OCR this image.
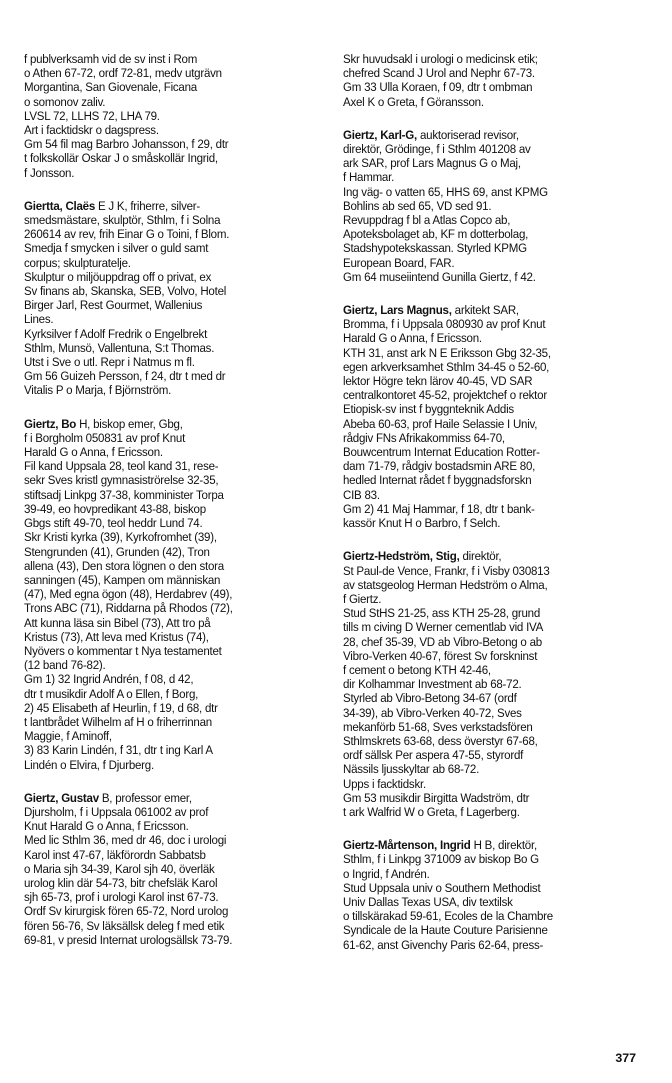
f publverksamh vid de sv inst i Rom
o Athen 67-72, ordf 72-81, medv utgrävn
Morgantina, San Giovenale, Ficana
o somonov zaliv.
LVSL 72, LLHS 72, LHA 79.
Art i facktidskr o dagspress.
Gm 54 fil mag Barbro Johansson, f 29, dtr
t folkskollär Oskar J o småskollär Ingrid,
f Jonsson.
Giertta, Claës E J K, friherre, silver-
smedsmästare, skulptör, Sthlm, f i Solna
260614 av rev, frih Einar G o Toini, f Blom.
Smedja f smycken i silver o guld samt
corpus; skulpturatelje.
Skulptur o miljöuppdrag off o privat, ex
Sv finans ab, Skanska, SEB, Volvo, Hotel
Birger Jarl, Rest Gourmet, Wallenius
Lines.
Kyrksilver f Adolf Fredrik o Engelbrekt
Sthlm, Munsö, Vallentuna, S:t Thomas.
Utst i Sve o utl. Repr i Natmus m fl.
Gm 56 Guizeh Persson, f 24, dtr t med dr
Vitalis P o Marja, f Björnström.
Giertz, Bo H, biskop emer, Gbg,
f i Borgholm 050831 av prof Knut
Harald G o Anna, f Ericsson.
Fil kand Uppsala 28, teol kand 31, rese-
sekr Sves kristl gymnasiströrelse 32-35,
stiftsadj Linkpg 37-38, komminister Torpa
39-49, eo hovpredikant 43-88, biskop
Gbgs stift 49-70, teol heddr Lund 74.
Skr Kristi kyrka (39), Kyrkofromhet (39),
Stengrunden (41), Grunden (42), Tron
allena (43), Den stora lögnen o den stora
sanningen (45), Kampen om människan
(47), Med egna ögon (48), Herdabrev (49),
Trons ABC (71), Riddarna på Rhodos (72),
Att kunna läsa sin Bibel (73), Att tro på
Kristus (73), Att leva med Kristus (74),
Nyövers o kommentar t Nya testamentet
(12 band 76-82).
Gm 1) 32 Ingrid Andrén, f 08, d 42,
dtr t musikdir Adolf A o Ellen, f Borg,
2) 45 Elisabeth af Heurlin, f 19, d 68, dtr
t lantbrådet Wilhelm af H o friherrinnan
Maggie, f Aminoff,
3) 83 Karin Lindén, f 31, dtr t ing Karl A
Lindén o Elvira, f Djurberg.
Giertz, Gustav B, professor emer,
Djursholm, f i Uppsala 061002 av prof
Knut Harald G o Anna, f Ericsson.
Med lic Sthlm 36, med dr 46, doc i urologi
Karol inst 47-67, läkförordn Sabbatsb
o Maria sjh 34-39, Karol sjh 40, överläk
urolog klin där 54-73, bitr chefsläk Karol
sjh 65-73, prof i urologi Karol inst 67-73.
Ordf Sv kirurgisk fören 65-72, Nord urolog
fören 56-76, Sv läksällsk deleg f med etik
69-81, v presid Internat urologsällsk 73-79.
Skr huvudsakl i urologi o medicinsk etik;
chefred Scand J Urol and Nephr 67-73.
Gm 33 Ulla Koraen, f 09, dtr t ombman
Axel K o Greta, f Göransson.
Giertz, Karl-G, auktoriserad revisor,
direktör, Grödinge, f i Sthlm 401208 av
ark SAR, prof Lars Magnus G o Maj,
f Hammar.
Ing väg- o vatten 65, HHS 69, anst KPMG
Bohlins ab sed 65, VD sed 91.
Revuppdrag f bl a Atlas Copco ab,
Apoteksbolaget ab, KF m dotterbolag,
Stadshypotekskassan. Styrled KPMG
European Board, FAR.
Gm 64 museiintend Gunilla Giertz, f 42.
Giertz, Lars Magnus, arkitekt SAR,
Bromma, f i Uppsala 080930 av prof Knut
Harald G o Anna, f Ericsson.
KTH 31, anst ark N E Eriksson Gbg 32-35,
egen arkverksamhet Sthlm 34-45 o 52-60,
lektor Högre tekn lärov 40-45, VD SAR
centralkontoret 45-52, projektchef o rektor
Etiopisk-sv inst f byggnteknik Addis
Abeba 60-63, prof Haile Selassie I Univ,
rådgiv FNs Afrikakommiss 64-70,
Bouwcentrum Internat Education Rotter-
dam 71-79, rådgiv bostadsmin ARE 80,
hedled Internat rådet f byggnadsforskn
CIB 83.
Gm 2) 41 Maj Hammar, f 18, dtr t bank-
kassör Knut H o Barbro, f Selch.
Giertz-Hedström, Stig, direktör,
St Paul-de Vence, Frankr, f i Visby 030813
av statsgeolog Herman Hedström o Alma,
f Giertz.
Stud StHS 21-25, ass KTH 25-28, grund
tills m civing D Werner cementlab vid IVA
28, chef 35-39, VD ab Vibro-Betong o ab
Vibro-Verken 40-67, förest Sv forskninst
f cement o betong KTH 42-46,
dir Kolhammar Investment ab 68-72.
Styrled ab Vibro-Betong 34-67 (ordf
34-39), ab Vibro-Verken 40-72, Sves
mekanförb 51-68, Sves verkstadsfören
Sthlmskrets 63-68, dess överstyr 67-68,
ordf sällsk Per aspera 47-55, styrordf
Nässils ljusskyltar ab 68-72.
Upps i facktidskr.
Gm 53 musikdir Birgitta Wadström, dtr
t ark Walfrid W o Greta, f Lagerberg.
Giertz-Mårtenson, Ingrid H B, direktör,
Sthlm, f i Linkpg 371009 av biskop Bo G
o Ingrid, f Andrén.
Stud Uppsala univ o Southern Methodist
Univ Dallas Texas USA, div textilsk
o tillskärakad 59-61, Ecoles de la Chambre
Syndicale de la Haute Couture Parisienne
61-62, anst Givenchy Paris 62-64, press-
377
